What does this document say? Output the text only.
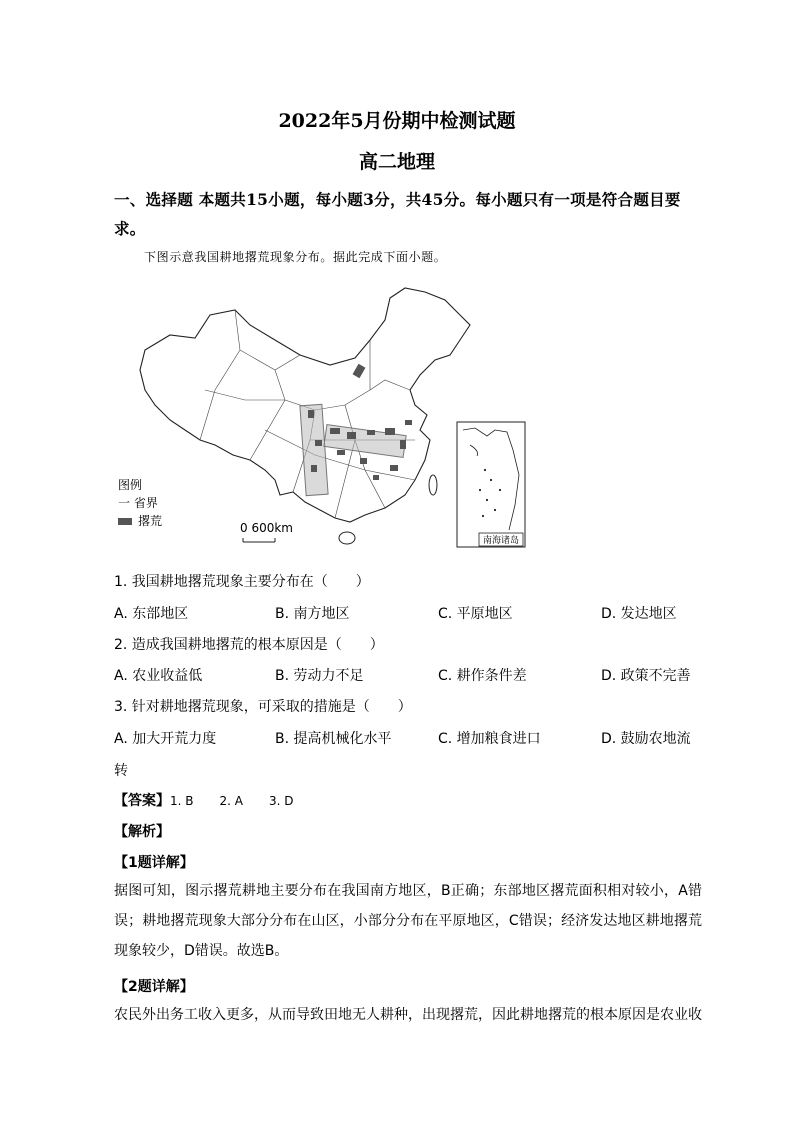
2022年5月份期中检测试题
高二地理
一、选择题 本题共15小题，每小题3分，共45分。每小题只有一项是符合题目要求。
下图示意我国耕地撂荒现象分布。据此完成下面小题。
南海诸岛
图例
一 省界
撂荒	0 600km
1. 我国耕地撂荒现象主要分布在（　　）
A. 东部地区	B. 南方地区	C. 平原地区	D. 发达地区
2. 造成我国耕地撂荒的根本原因是（　　）
A. 农业收益低	B. 劳动力不足	C. 耕作条件差	D. 政策不完善
3. 针对耕地撂荒现象，可采取的措施是（　　）
A. 加大开荒力度	B. 提高机械化水平	C. 增加粮食进口	D. 鼓励农地流
转
【答案】1. B 2. A 3. D
【解析】
【1题详解】
据图可知，图示撂荒耕地主要分布在我国南方地区，B正确；东部地区撂荒面积相对较小，A错误；耕地撂荒现象大部分分布在山区，小部分分布在平原地区，C错误；经济发达地区耕地撂荒现象较少，D错误。故选B。
【2题详解】
农民外出务工收入更多，从而导致田地无人耕种，出现撂荒，因此耕地撂荒的根本原因是农业收
